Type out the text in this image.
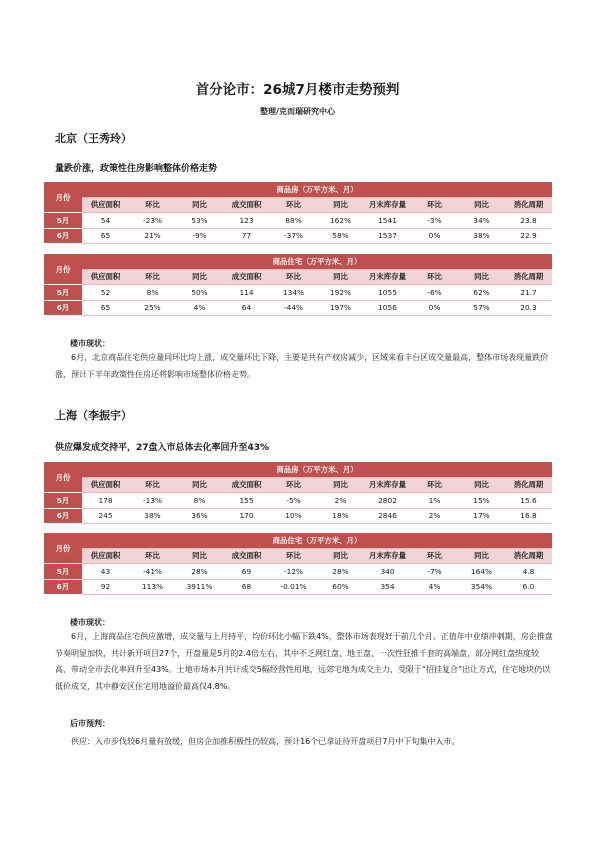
首分论市：26城7月楼市走势预判
整理/克而瑞研究中心
北京（王秀玲）
量跌价涨，政策性住房影响整体价格走势
月份	商品房（万平方米、月）									
	供应面积	环比	同比	成交面积	环比	同比	月末库存量	环比	同比	消化周期
5月	54	-23%	53%	123	88%	162%	1541	-3%	34%	23.8
6月	65	21%	-9%	77	-37%	58%	1537	0%	38%	22.9
月份	商品住宅（万平方米、月）									
	供应面积	环比	同比	成交面积	环比	同比	月末库存量	环比	同比	消化周期
5月	52	8%	50%	114	134%	192%	1055	-6%	62%	21.7
6月	65	25%	4%	64	-44%	197%	1056	0%	57%	20.3
楼市现状：

6月，北京商品住宅供应量同环比均上涨，成交量环比下降，主要是共有产权房减少，区域来看丰台区成交量最高，整体市场表现量跌价涨，预计下半年政策性住房还将影响市场整体价格走势。

上海（李振宇）
供应爆发成交持平，27盘入市总体去化率回升至43%
月份	商品房（万平方米、月）									
	供应面积	环比	同比	成交面积	环比	同比	月末库存量	环比	同比	消化周期
5月	178	-13%	8%	155	-5%	2%	2802	1%	15%	15.6
6月	245	38%	36%	170	10%	18%	2846	2%	17%	16.8
月份	商品住宅（万平方米、月）									
	供应面积	环比	同比	成交面积	环比	同比	月末库存量	环比	同比	消化周期
5月	43	-41%	28%	69	-12%	28%	340	-7%	164%	4.8
6月	92	113%	3911%	68	-0.01%	60%	354	4%	354%	6.0
楼市现状：

6月，上海商品住宅供应激增，成交量与上月持平，均价环比小幅下跌4%，整体市场表现好于前几个月。正值年中业绩冲刺期，房企推盘节奏明显加快，共计新开项目27个，开盘量是5月的2.4倍左右，其中不乏网红盘、地王盘、一次性狂推千套的高端盘，部分网红盘热度较高，带动全市去化率回升至43%。土地市场本月共计成交5幅经营性用地，远郊宅地为成交主力，受限于“招挂复合”出让方式，住宅地块仍以低价成交，其中静安区住宅用地溢价最高仅4.8%。

后市预判：

供应：入市步伐较6月量有放缓，但房企加推积极性仍较高，预计16个已拿证待开盘项目7月中下旬集中入市。
